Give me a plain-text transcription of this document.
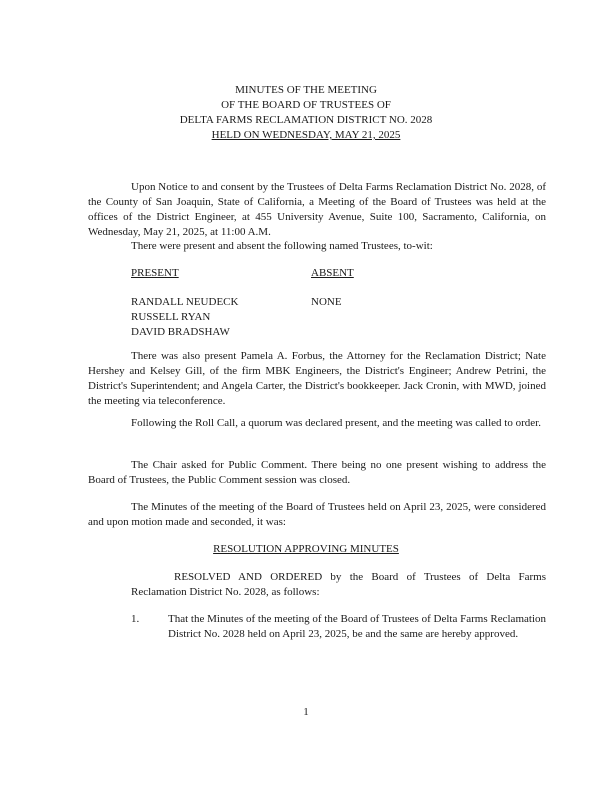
MINUTES OF THE MEETING
OF THE BOARD OF TRUSTEES OF
DELTA FARMS RECLAMATION DISTRICT NO. 2028
HELD ON WEDNESDAY, MAY 21, 2025
Upon Notice to and consent by the Trustees of Delta Farms Reclamation District No. 2028, of the County of San Joaquin, State of California, a Meeting of the Board of Trustees was held at the offices of the District Engineer, at 455 University Avenue, Suite 100, Sacramento, California, on Wednesday, May 21, 2025, at 11:00 A.M.
There were present and absent the following named Trustees, to-wit:
PRESENT	ABSENT
RANDALL NEUDECK
RUSSELL RYAN
DAVID BRADSHAW
NONE
There was also present Pamela A. Forbus, the Attorney for the Reclamation District; Nate Hershey and Kelsey Gill, of the firm MBK Engineers, the District's Engineer; Andrew Petrini, the District's Superintendent; and Angela Carter, the District's bookkeeper. Jack Cronin, with MWD, joined the meeting via teleconference.
Following the Roll Call, a quorum was declared present, and the meeting was called to order.
The Chair asked for Public Comment. There being no one present wishing to address the Board of Trustees, the Public Comment session was closed.
The Minutes of the meeting of the Board of Trustees held on April 23, 2025, were considered and upon motion made and seconded, it was:
RESOLUTION APPROVING MINUTES
RESOLVED AND ORDERED by the Board of Trustees of Delta Farms Reclamation District No. 2028, as follows:
1.	That the Minutes of the meeting of the Board of Trustees of Delta Farms Reclamation District No. 2028 held on April 23, 2025, be and the same are hereby approved.
1
